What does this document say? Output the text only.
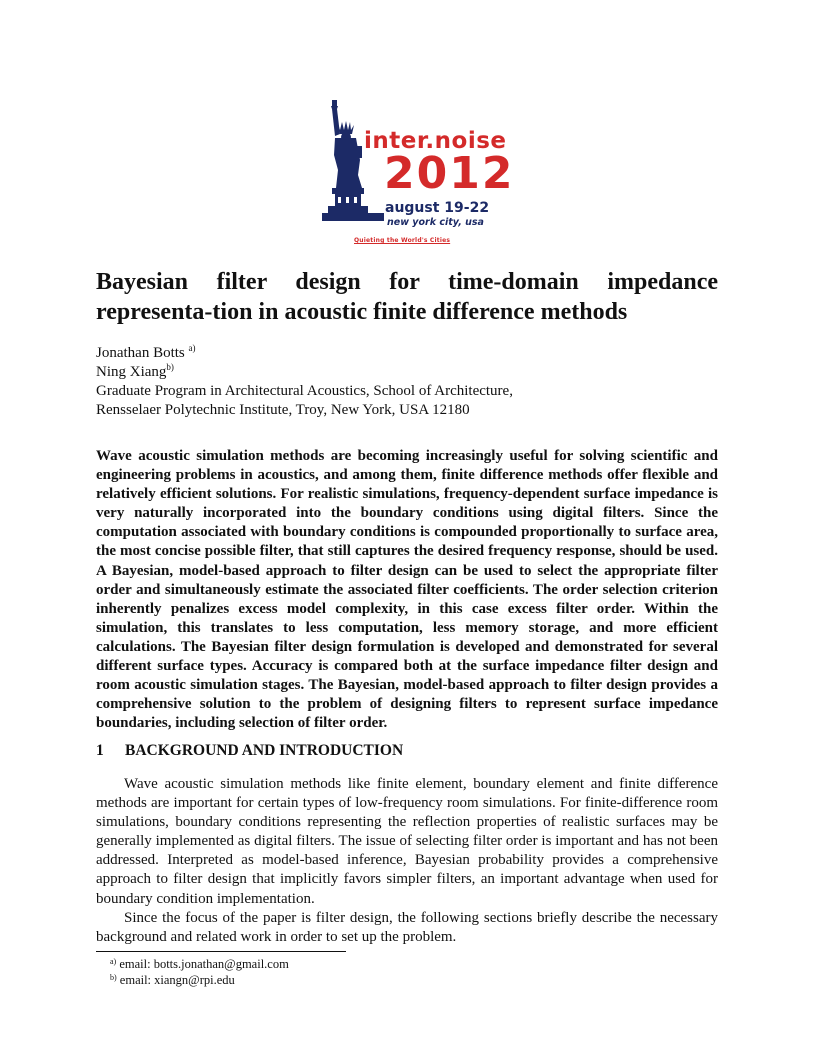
inter.noise
2012
august 19-22
new york city, usa
Quieting the World's Cities
Bayesian filter design for time-domain impedance representa-tion in acoustic finite difference methods
Jonathan Botts $^{a)}$
Ning Xiang$^{b)}$
Graduate Program in Architectural Acoustics, School of Architecture,
Rensselaer Polytechnic Institute, Troy, New York, USA 12180

Wave acoustic simulation methods are becoming increasingly useful for solving scientific and engineering problems in acoustics, and among them, finite difference methods offer flexible and relatively efficient solutions. For realistic simulations, frequency-dependent surface impedance is very naturally incorporated into the boundary conditions using digital filters. Since the computation associated with boundary conditions is compounded proportionally to surface area, the most concise possible filter, that still captures the desired frequency response, should be used. A Bayesian, model-based approach to filter design can be used to select the appropriate filter order and simultaneously estimate the associated filter coefficients. The order selection criterion inherently penalizes excess model complexity, in this case excess filter order. Within the simulation, this translates to less computation, less memory storage, and more efficient calculations. The Bayesian filter design formulation is developed and demonstrated for several different surface types. Accuracy is compared both at the surface impedance filter design and room acoustic simulation stages. The Bayesian, model-based approach to filter design provides a comprehensive solution to the problem of designing filters to represent surface impedance boundaries, including selection of filter order.

1 BACKGROUND AND INTRODUCTION

Wave acoustic simulation methods like finite element, boundary element and finite difference methods are important for certain types of low-frequency room simulations. For finite-difference room simulations, boundary conditions representing the reflection properties of realistic surfaces may be generally implemented as digital filters. The issue of selecting filter order is important and has not been addressed. Interpreted as model-based inference, Bayesian probability provides a comprehensive approach to filter design that implicitly favors simpler filters, an important advantage when used for boundary condition implementation.

Since the focus of the paper is filter design, the following sections briefly describe the necessary background and related work in order to set up the problem.

$^{a)}$ email: botts.jonathan@gmail.com
$^{b)}$ email: xiangn@rpi.edu
